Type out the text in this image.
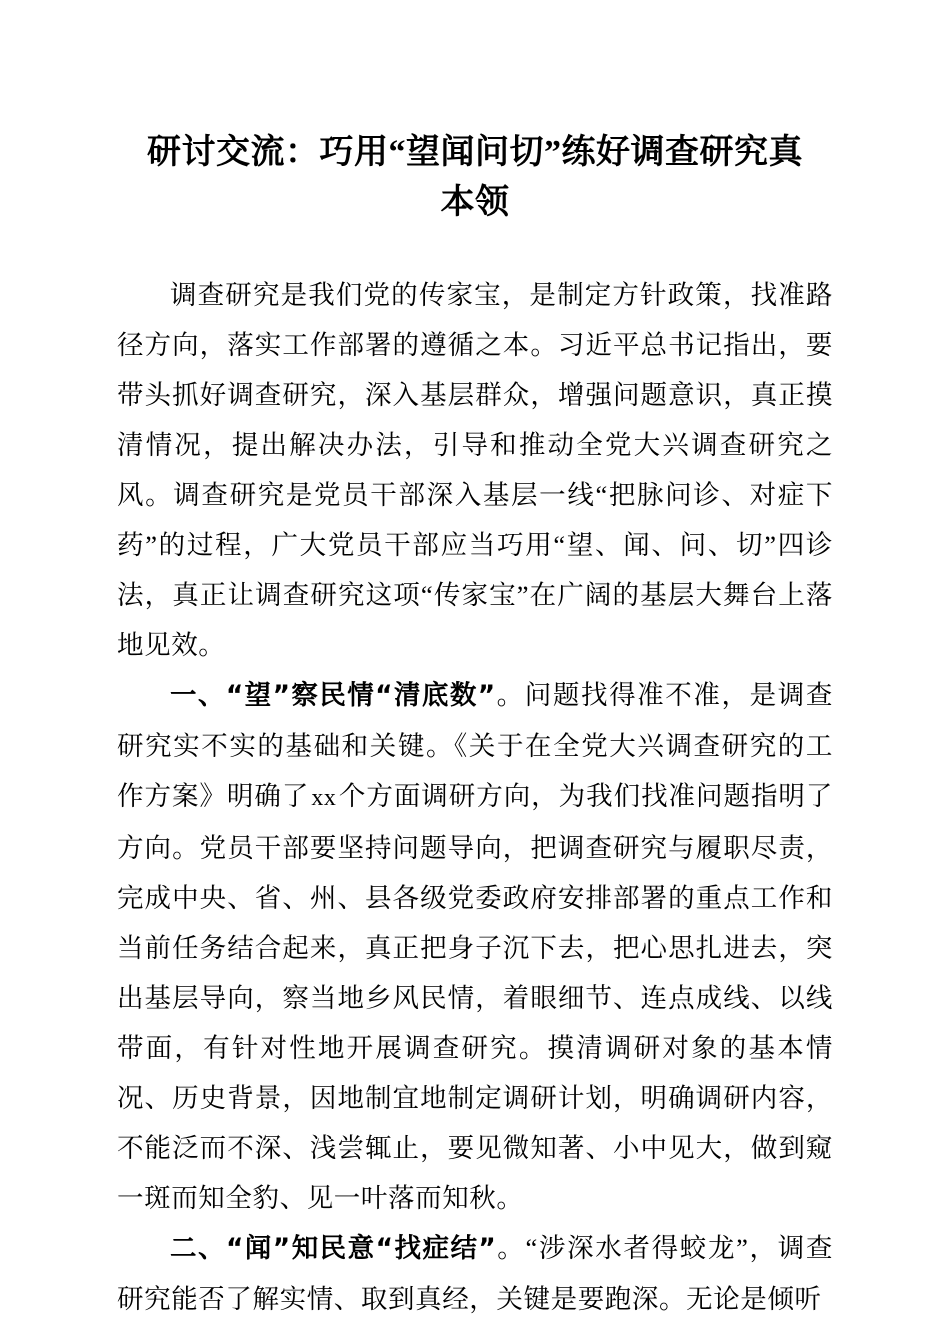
研讨交流：巧用“望闻问切”练好调查研究真
本领

调查研究是我们党的传家宝，是制定方针政策，找准路径方向，落实工作部署的遵循之本。习近平总书记指出，要带头抓好调查研究，深入基层群众，增强问题意识，真正摸清情况，提出解决办法，引导和推动全党大兴调查研究之风。调查研究是党员干部深入基层一线“把脉问诊、对症下药”的过程，广大党员干部应当巧用“望、闻、问、切”四诊法，真正让调查研究这项“传家宝”在广阔的基层大舞台上落地见效。

一、“望”察民情“清底数”。问题找得准不准，是调查研究实不实的基础和关键。《关于在全党大兴调查研究的工作方案》明确了xx个方面调研方向，为我们找准问题指明了方向。党员干部要坚持问题导向，把调查研究与履职尽责，完成中央、省、州、县各级党委政府安排部署的重点工作和当前任务结合起来，真正把身子沉下去，把心思扎进去，突出基层导向，察当地乡风民情，着眼细节、连点成线、以线带面，有针对性地开展调查研究。摸清调研对象的基本情况、历史背景，因地制宜地制定调研计划，明确调研内容，不能泛而不深、浅尝辄止，要见微知著、小中见大，做到窥一斑而知全豹、见一叶落而知秋。

二、“闻”知民意“找症结”。“涉深水者得蛟龙”，调查研究能否了解实情、取到真经，关键是要跑深。无论是倾听
